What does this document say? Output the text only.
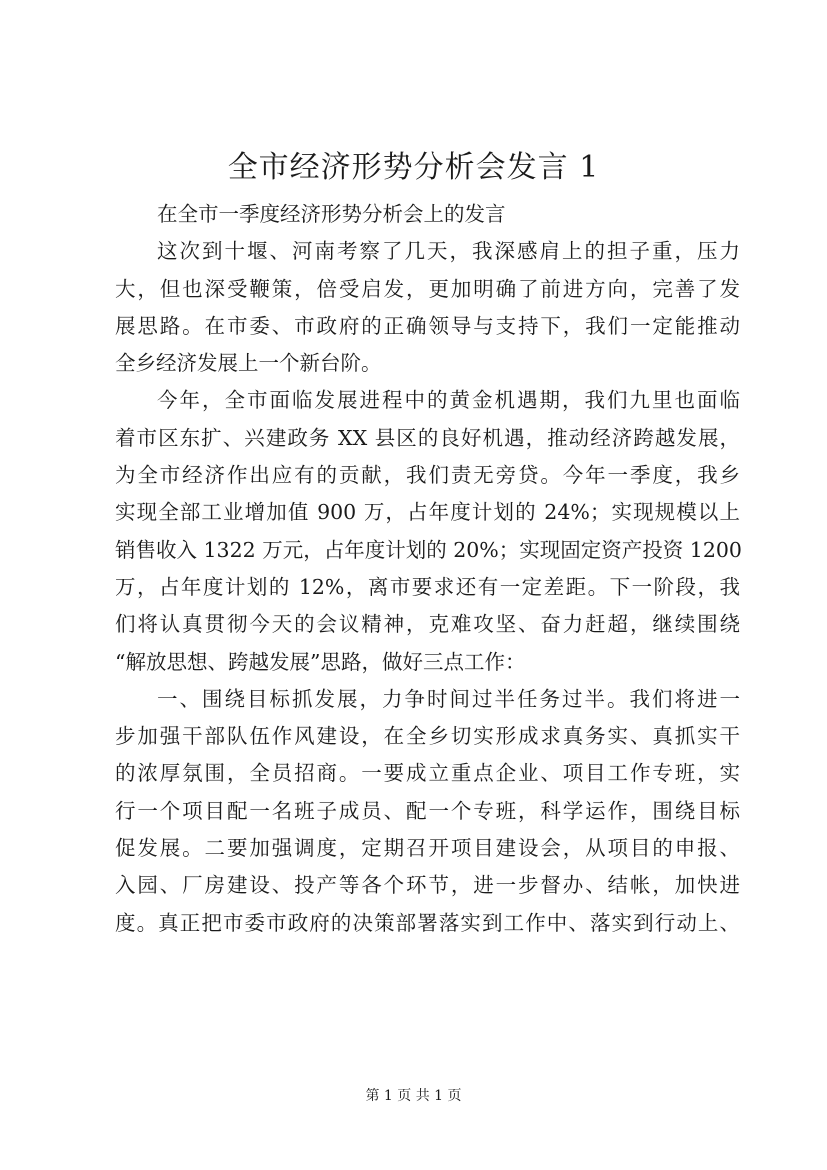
全市经济形势分析会发言 1
在全市一季度经济形势分析会上的发言
这次到十堰、河南考察了几天，我深感肩上的担子重，压力
大，但也深受鞭策，倍受启发，更加明确了前进方向，完善了发
展思路。在市委、市政府的正确领导与支持下，我们一定能推动
全乡经济发展上一个新台阶。
今年，全市面临发展进程中的黄金机遇期，我们九里也面临
着市区东扩、兴建政务 XX 县区的良好机遇，推动经济跨越发展，
为全市经济作出应有的贡献，我们责无旁贷。今年一季度，我乡
实现全部工业增加值 900 万，占年度计划的 24%；实现规模以上
销售收入 1322 万元，占年度计划的 20%；实现固定资产投资 1200
万，占年度计划的 12%，离市要求还有一定差距。下一阶段，我
们将认真贯彻今天的会议精神，克难攻坚、奋力赶超，继续围绕
“解放思想、跨越发展”思路，做好三点工作：
一、围绕目标抓发展，力争时间过半任务过半。我们将进一
步加强干部队伍作风建设，在全乡切实形成求真务实、真抓实干
的浓厚氛围，全员招商。一要成立重点企业、项目工作专班，实
行一个项目配一名班子成员、配一个专班，科学运作，围绕目标
促发展。二要加强调度，定期召开项目建设会，从项目的申报、
入园、厂房建设、投产等各个环节，进一步督办、结帐，加快进
度。真正把市委市政府的决策部署落实到工作中、落实到行动上、
第 1 页 共 1 页
